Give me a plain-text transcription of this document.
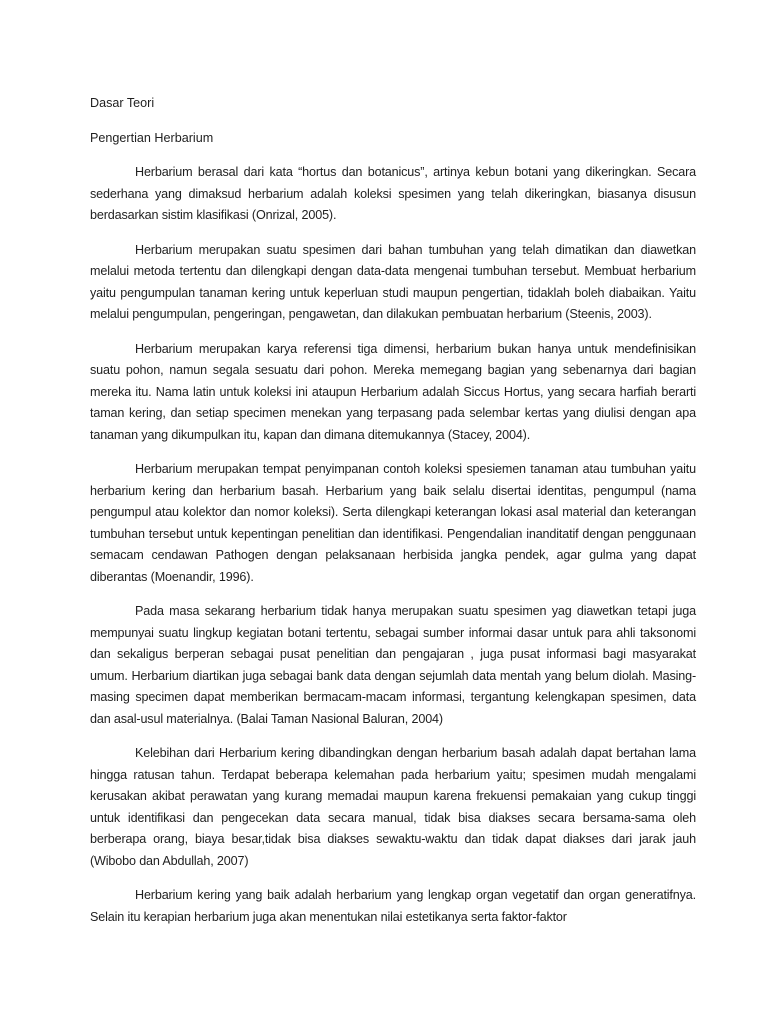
Dasar Teori

Pengertian Herbarium

Herbarium berasal dari kata “hortus dan botanicus”, artinya kebun botani yang dikeringkan. Secara sederhana yang dimaksud herbarium adalah koleksi spesimen yang telah dikeringkan, biasanya disusun berdasarkan sistim klasifikasi (Onrizal, 2005).

Herbarium merupakan suatu spesimen dari bahan tumbuhan yang telah dimatikan dan diawetkan melalui metoda tertentu dan dilengkapi dengan data-data mengenai tumbuhan tersebut. Membuat herbarium yaitu pengumpulan tanaman kering untuk keperluan studi maupun pengertian, tidaklah boleh diabaikan. Yaitu melalui pengumpulan, pengeringan, pengawetan, dan dilakukan pembuatan herbarium (Steenis, 2003).

Herbarium merupakan karya referensi tiga dimensi, herbarium bukan hanya untuk mendefinisikan suatu pohon, namun segala sesuatu dari pohon. Mereka memegang bagian yang sebenarnya dari bagian mereka itu. Nama latin untuk koleksi ini ataupun Herbarium adalah Siccus Hortus, yang secara harfiah berarti taman kering, dan setiap specimen menekan yang terpasang pada selembar kertas yang diulisi dengan apa tanaman yang dikumpulkan itu, kapan dan dimana ditemukannya (Stacey, 2004).

Herbarium merupakan tempat penyimpanan contoh koleksi spesiemen tanaman atau tumbuhan yaitu herbarium kering dan herbarium basah. Herbarium yang baik selalu disertai identitas, pengumpul (nama pengumpul atau kolektor dan nomor koleksi). Serta dilengkapi keterangan lokasi asal material dan keterangan tumbuhan tersebut untuk kepentingan penelitian dan identifikasi. Pengendalian inanditatif dengan penggunaan semacam cendawan Pathogen dengan pelaksanaan herbisida jangka pendek, agar gulma yang dapat diberantas (Moenandir, 1996).

Pada masa sekarang herbarium tidak hanya merupakan suatu spesimen yag diawetkan tetapi juga mempunyai suatu lingkup kegiatan botani tertentu, sebagai sumber informai dasar untuk para ahli taksonomi dan sekaligus berperan sebagai pusat penelitian dan pengajaran , juga pusat informasi bagi masyarakat umum. Herbarium diartikan juga sebagai bank data dengan sejumlah data mentah yang belum diolah. Masing-masing specimen dapat memberikan bermacam-macam informasi, tergantung kelengkapan spesimen, data dan asal-usul materialnya. (Balai Taman Nasional Baluran, 2004)

Kelebihan dari Herbarium kering dibandingkan dengan herbarium basah adalah dapat bertahan lama hingga ratusan tahun. Terdapat beberapa kelemahan pada herbarium yaitu; spesimen mudah mengalami kerusakan akibat perawatan yang kurang memadai maupun karena frekuensi pemakaian yang cukup tinggi untuk identifikasi dan pengecekan data secara manual, tidak bisa diakses secara bersama-sama oleh berberapa orang, biaya besar,tidak bisa diakses sewaktu-waktu dan tidak dapat diakses dari jarak jauh (Wibobo dan Abdullah, 2007)

Herbarium kering yang baik adalah herbarium yang lengkap organ vegetatif dan organ generatifnya. Selain itu kerapian herbarium juga akan menentukan nilai estetikanya serta faktor-faktor
